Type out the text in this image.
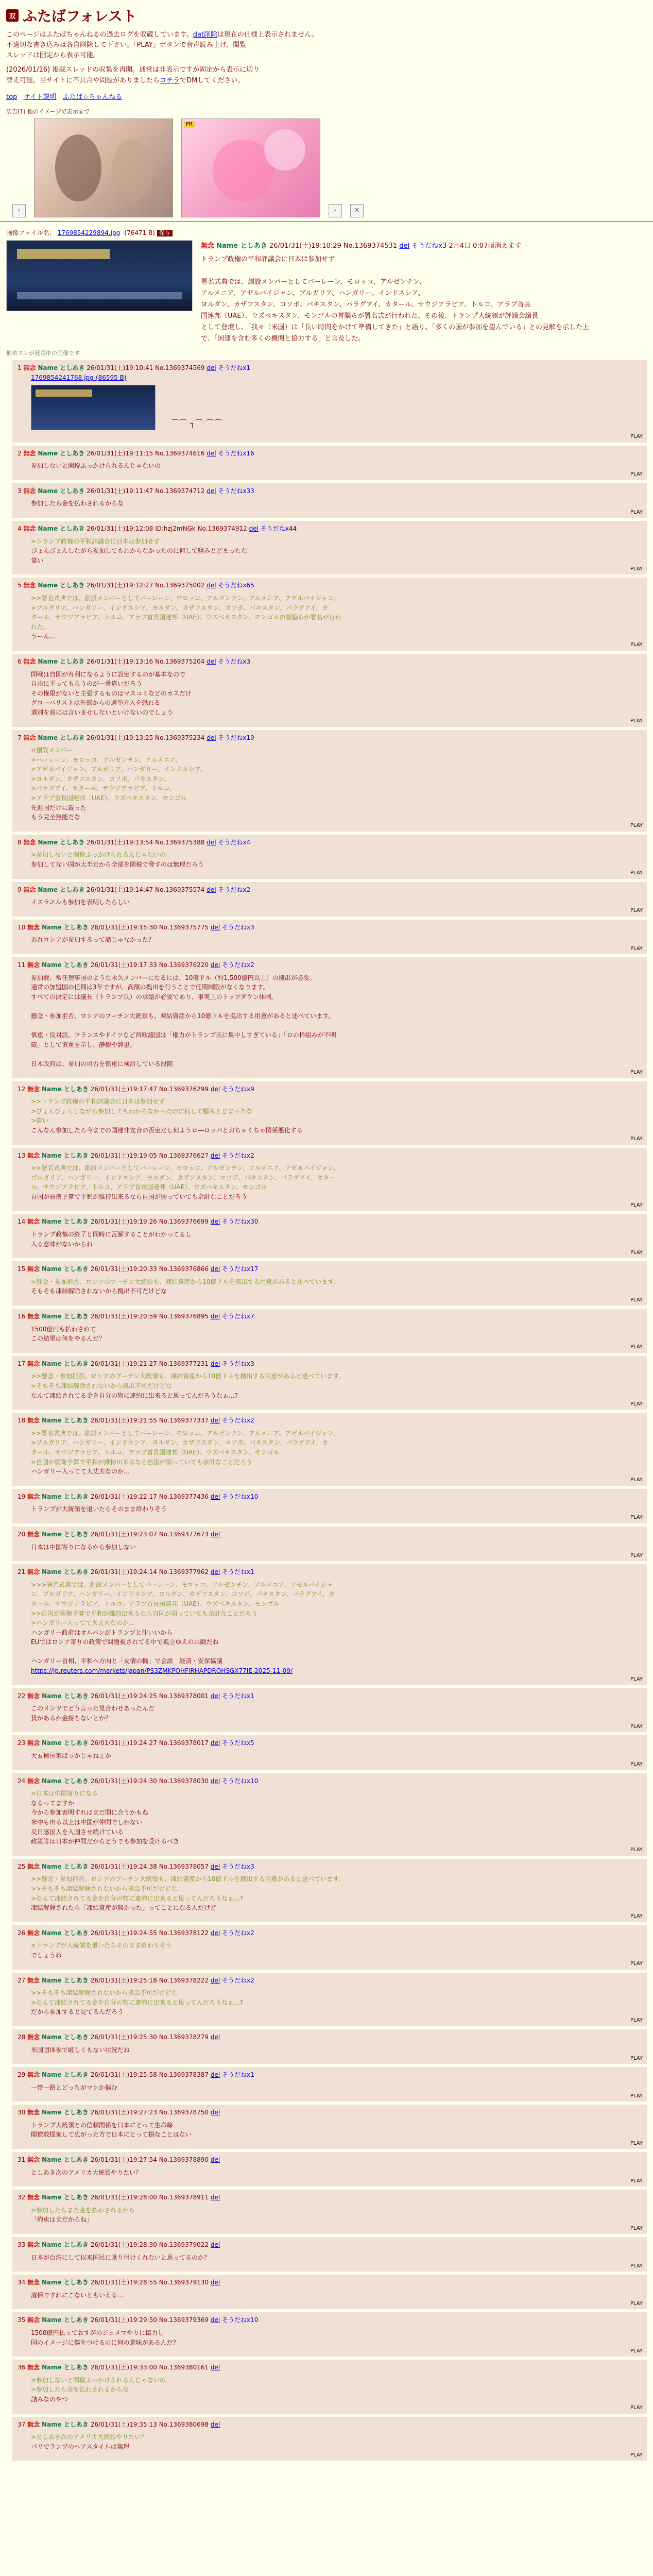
双 ふたばフォレスト
このページはふたばちゃんねるの過去ログを収蔵しています。dat削除は現在の仕様上表示されません。
不適切な書き込みは各自削除して下さい。「PLAY」ボタンで音声読み上げ。閲覧
スレッドは固定から表示可能。
(2026/01/16) 掲載スレッドの収集を再開。通常は非表示ですが固定から表示に切り
替え可能。当サイトに不具合や問題がありましたらコチラでDMしてください。
top サイト説明 ふたば☆ちゃんねる
広告(1) 他のイメージで表示まで
‹
PR
›	✕
画像ファイル名： 1769854229894.jpg -(76471 B) 保存
無念 Name としあき 26/01/31(土)19:10:29 No.1369374531 del そうだねx3 2月4日 0:07頃消えます
トランプ政権の平和評議会に日本は参加せず

署名式典では、創設メンバーとしてバーレーン、モロッコ、アルゼンチン、
アルメニア、アゼルバイジャン、ブルガリア、ハンガリー、インドネシア、
ヨルダン、カザフスタン、コソボ、パキスタン、パラグアイ、カタール、サウジアラビア、トルコ、アラブ首長
国連邦（UAE）、ウズベキスタン、モンゴルの首脳らが署名式が行われた。その後、トランプ大統領が評議会議長
として登壇し、「我々（米国）は「長い時間をかけて準備してきた」と語り、「多くの国が参加を望んでいる」との見解を示した上
で、「国連を含む多くの機関と協力する」と言及した。
他依スレが延長中の画像です
1 無念 Name としあき 26/01/31(土)19:10:41 No.1369374569 del そうだねx1
1769854241768.jpg-(86595 B)
⌒⌒ ┐⌒ ⌒⌒
PLAY
2 無念 Name としあき 26/01/31(土)19:11:15 No.1369374616 del そうだねx16
参加しないと関税ふっかけられるんじゃないの
PLAY
3 無念 Name としあき 26/01/31(土)19:11:47 No.1369374712 del そうだねx33
参加したら金を払わされるからな
PLAY
4 無念 Name としあき 26/01/31(土)19:12:08 ID:hzj2mNGk No.1369374912 del そうだねx44
>トランプ政権の平和評議会に日本は参加せず
びょんびょんしながら参加してもわからなかったのに何して騒みとどまったな
偉い
PLAY
5 無念 Name としあき 26/01/31(土)19:12:27 No.1369375002 del そうだねx65
>>署名式典では、創設メンバーとしてバーレーン、モロッコ、アルゼンチン、アルメニア、アゼルバイジャン、
>ブルガリア、ハンガリー、インドネシア、ヨルダン、カザフスタン、コソボ、パキスタン、パラグアイ、カ
タール、サウジアラビア、トルコ、アラブ首長国連邦（UAE）、ウズベキスタン、モンゴルの首脳らが署名が行わ
れた。
うーん…
PLAY
6 無念 Name としあき 26/01/31(土)19:13:16 No.1369375204 del そうだねx3
開戦は自国が有利になるように設定するのが基本なので
自由に平ってもらうのが一番違いだろう
その権限がないと主張するものはマスコミなどのカスだけ
グローバリストは外部からの選挙介入を恐れる
選別を前には言いませしないといけないのでしょう
PLAY
7 無念 Name としあき 26/01/31(土)19:13:25 No.1369375234 del そうだねx19
>創設メンバー
>バーレーン、モロッコ、アルゼンチン、アルメニア、
>アゼルバイジャン、ブルガリア、ハンガリー、インドネシア、
>ヨルダン、カザフスタン、コソボ、パキスタン、
>パラグアイ、カタール、サウジアラビア、トルコ、
>アラブ首長国連邦（UAE）、ウズベキスタン、モンゴル
先進国だけに載った
もう完全無能だな
PLAY
8 無念 Name としあき 26/01/31(土)19:13:54 No.1369375388 del そうだねx4
>参加しないと関税ふっかけられるんじゃないの
参加してない国が大半だから全部を関税で脅すのは無理だろう
PLAY
9 無念 Name としあき 26/01/31(土)19:14:47 No.1369375574 del そうだねx2
イスラエルも参加を表明したらしい
PLAY
10 無念 Name としあき 26/01/31(土)19:15:30 No.1369375775 del そうだねx3
あれロシアが参加するって話じゃなかった？
PLAY
11 無念 Name としあき 26/01/31(土)19:17:33 No.1369376220 del そうだねx2
参加費、常任理事国のような永久メンバーになるには、10億ドル（約1,500億円以上）の拠出が必要。
通常の加盟国の任期は3年ですが、高額の拠出を行うことで任期制限がなくなります。
すべての決定には議長（トランプ氏）の承認が必要であり、事実上のトップダウン体制。

懸念・参加拒否、ロシアのプーチン大統領も、凍結資産から10億ドルを拠出する用意があると述べています。

慎重・反対派、フランスやドイツなど西欧諸国は「権力がトランプ氏に集中しすぎている」「ロの枠組みが不明
確」として慎重を示し、静観や辞退。

日本政府は、参加の可否を慎重に検討している段階
PLAY
12 無念 Name としあき 26/01/31(土)19:17:47 No.1369376299 del そうだねx9
>>トランプ政権の平和評議会に日本は参加せず
>びょんびょんしながら参加してもわからなかったのに何して騒みとどまったな
>偉い
こんなん参加したら今までの国連非友合の否定だし何ようロ―ロッパとおちゃくちゃ関係悪化する
PLAY
13 無念 Name としあき 26/01/31(土)19:19:05 No.1369376627 del そうだねx2
>>署名式典では、創設メンバーとしてバーレーン、モロッコ、アルゼンチン、アルメニア、アゼルバイジャン、
ブルガリア、ハンガリー、インドネシア、ヨルダン、カザフスタン、コソボ、パキスタン、パラグアイ、カター
ル、サウジアラビア、トルコ、アラブ首長国連邦（UAE）、ウズベキスタン、モンゴル
自国が弱衛予算で平和が維持出来るなら自国が弱っていても余計なことだろう
PLAY
14 無念 Name としあき 26/01/31(土)19:19:26 No.1369376699 del そうだねx30
トランプ政権の終了と同時に瓦解することがわかってるし
入る意味がないからね
PLAY
15 無念 Name としあき 26/01/31(土)19:20:33 No.1369376866 del そうだねx17
>懸念・参加拒否、ロシアのプーチン大統領も、凍結資産から10億ドルを拠出する用意があると述べています。
そもそも凍結解除されないから拠出不可だけどな
PLAY
16 無念 Name としあき 26/01/31(土)19:20:59 No.1369376895 del そうだねx7
1500億円も払わされて
この結果は何をやるんだ？
PLAY
17 無念 Name としあき 26/01/31(土)19:21:27 No.1369377231 del そうだねx3
>>懸念・参加拒否、ロシアのプーチン大統領も、凍結資産から10億ドルを拠出する用意があると述べています。
>そもそも凍結解除されないから拠出不可だけどな
なんて凍結されてる金を自分の物に違約に出来ると思ってんだろうなぁ...?
PLAY
18 無念 Name としあき 26/01/31(土)19:21:55 No.1369377337 del そうだねx2
>>署名式典では、創設メンバーとしてバーレーン、モロッコ、アルゼンチン、アルメニア、アゼルバイジャン、
>ブルガリア、ハンガリー、インドネシア、ヨルダン、カザフスタン、コソボ、パキスタン、パラグアイ、カ
タール、サウジアラビア、トルコ、アラブ首長国連邦（UAE）、ウズベキスタン、モンゴル
>自国が弱衛予算で平和が維持出来るなら自国が弱っていても余計なことだろう
ハンガリー入ってて大丈夫なのか…
PLAY
19 無念 Name としあき 26/01/31(土)19:22:17 No.1369377436 del そうだねx10
トランプが大統領を退いたらそのまま終わりそう
PLAY
20 無念 Name としあき 26/01/31(土)19:23:07 No.1369377673 del
日本は中国寄りになるから参加しない
PLAY
21 無念 Name としあき 26/01/31(土)19:24:14 No.1369377962 del そうだねx1
>>>署名式典では、創設メンバーとしてバーレーン、モロッコ、アルゼンチン、アルメニア、アゼルバイジャ
ン、ブルガリア、ハンガリー、インドネシア、ヨルダン、カザフスタン、コソボ、パキスタン、パラグアイ、カ
タール、サウジアラビア、トルコ、アラブ首長国連邦（UAE）、ウズベキスタン、モンゴル
>>自国が弱衛予算で平和が維持出来るなら自国が弱っていても余計なことだろう
>ハンガリー入ってて大丈夫なのか…
ハンガリー政府はオルバンがトランプと仲いいから
EUではロシア寄りの政策で問題視されてる中で孤立ゆえの共闘だね

ハンガリー首相、平和へ方向と「友情の輪」で会談　経済・安保協議
https://jp.reuters.com/markets/japan/PS3ZMKPOHFIRHAPDROHSGX77IE-2025-11-09/
PLAY
22 無念 Name としあき 26/01/31(土)19:24:25 No.1369378001 del そうだねx1
このメンツでどう言った見合わせあったんだ
貸があるか金持ちないとか？
PLAY
23 無念 Name としあき 26/01/31(土)19:24:27 No.1369378017 del そうだねx5
大ぉ極国家ばっかじゃねぇか
PLAY
24 無念 Name としあき 26/01/31(土)19:24:30 No.1369378030 del そうだねx10
>日本は中国寄りになる
なるってますか
今から参加表明すればまだ間に合うかもね
米中も出る以上は中国が仲間でしかない
反日感国人を入国させ続けている
政策等は日本が仲間だからどうでも参加を受けるべき
PLAY
25 無念 Name としあき 26/01/31(土)19:24:38 No.1369378057 del そうだねx3
>>懸念・参加拒否、ロシアのプーチン大統領も、凍結資産から10億ドルを拠出する用意があると述べています。
>>そもそも凍結解除されないから拠出不可だけどな
>なんて凍結されてる金を自分の物に違約に出来ると思ってんだろうなぁ...?
凍結解除されたら「凍結資産が無かった」ってことになるんだけど
PLAY
26 無念 Name としあき 26/01/31(土)19:24:55 No.1369378122 del そうだねx2
>トランプが大統領を退いたらそのまま終わりそう
でしょうね
PLAY
27 無念 Name としあき 26/01/31(土)19:25:18 No.1369378222 del そうだねx2
>>そもそも凍結解除されないから拠出不可だけどな
>なんて凍結されてる金を自分の物に違約に出来ると思ってんだろうなぁ...?
だから参加すると見てるんだろう
PLAY
28 無念 Name としあき 26/01/31(土)19:25:30 No.1369378279 del
米国団体参で厳しくもない状況だね
PLAY
29 無念 Name としあき 26/01/31(土)19:25:58 No.1369378387 del そうだねx1
一帯一路とどっちがマシか悩む
PLAY
30 無念 Name としあき 26/01/31(土)19:27:23 No.1369378750 del
トランプ大統領との信頼関係を日本にとって生命線
閣僚数提案して広がった方で日本にとって損なことはない
PLAY
31 無念 Name としあき 26/01/31(土)19:27:54 No.1369378890 del
としあき次のアメリカ大統領やりたい？
PLAY
32 無念 Name としあき 26/01/31(土)19:28:00 No.1369378911 del
>参加したらまた金を払わされるから
「約束はまだからね」
PLAY
33 無念 Name としあき 26/01/31(土)19:28:30 No.1369379022 del
日本が台湾にして以来国民に乗り付けくれないと思ってるのか？
PLAY
34 無念 Name としあき 26/01/31(土)19:28:55 No.1369379130 del
清掃ですれにこないともいえる…
PLAY
35 無念 Name としあき 26/01/31(土)19:29:50 No.1369379369 del そうだねx10
1500億円払っておすがのジュメマやりに協力し
国のイメージに傷をつけるのに何の意味があるんだ？
PLAY
36 無念 Name としあき 26/01/31(土)19:33:00 No.1369380161 del
>参加しないと関税ふっかけられるんじゃないの
>参加したら金を払わされるからな
詰みなのやつ
PLAY
37 無念 Name としあき 26/01/31(土)19:35:13 No.1369380698 del
>としあき次のアメリカ大統領やりたい？
パリでランプのヘアスタイルは無理
PLAY
